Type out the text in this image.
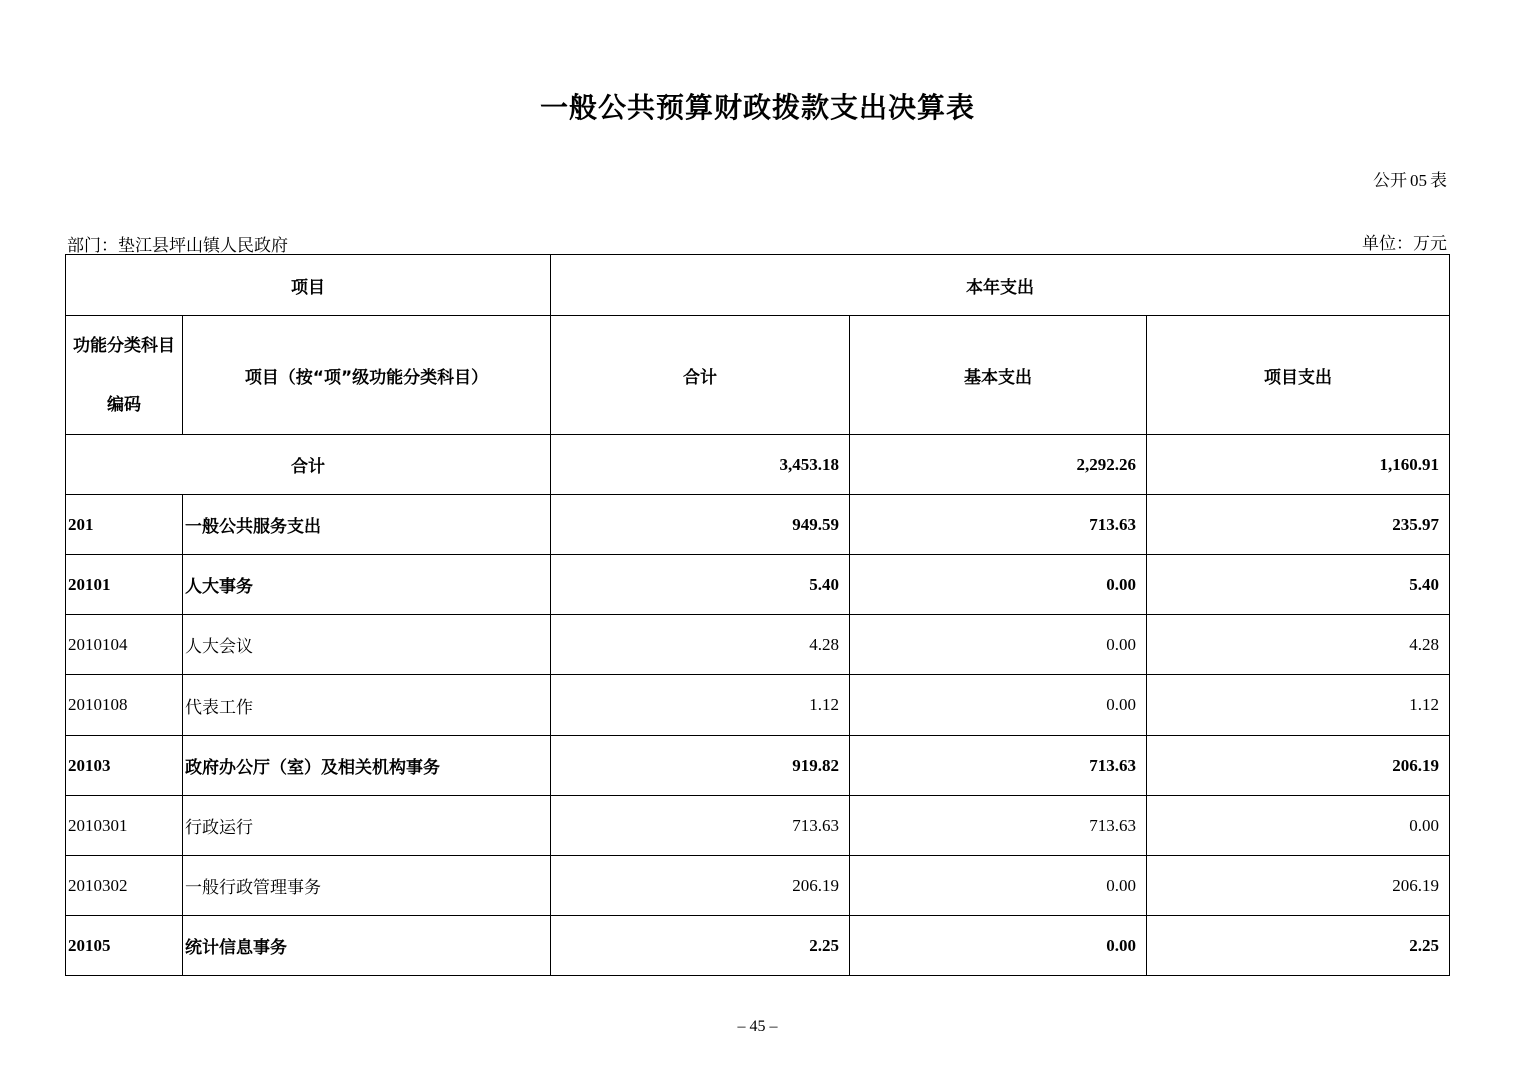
一般公共预算财政拨款支出决算表
公开 05 表
部门：垫江县坪山镇人民政府	单位：万元
项目		本年支出		

功能分类科目
编码	项目（按“项”级功能分类科目）	合计	基本支出	项目支出
合计		3,453.18	2,292.26	1,160.91
201	一般公共服务支出	949.59	713.63	235.97
20101	人大事务	5.40	0.00	5.40
2010104	人大会议	4.28	0.00	4.28
2010108	代表工作	1.12	0.00	1.12
20103	政府办公厅（室）及相关机构事务	919.82	713.63	206.19
2010301	行政运行	713.63	713.63	0.00
2010302	一般行政管理事务	206.19	0.00	206.19
20105	统计信息事务	2.25	0.00	2.25
– 45 –
